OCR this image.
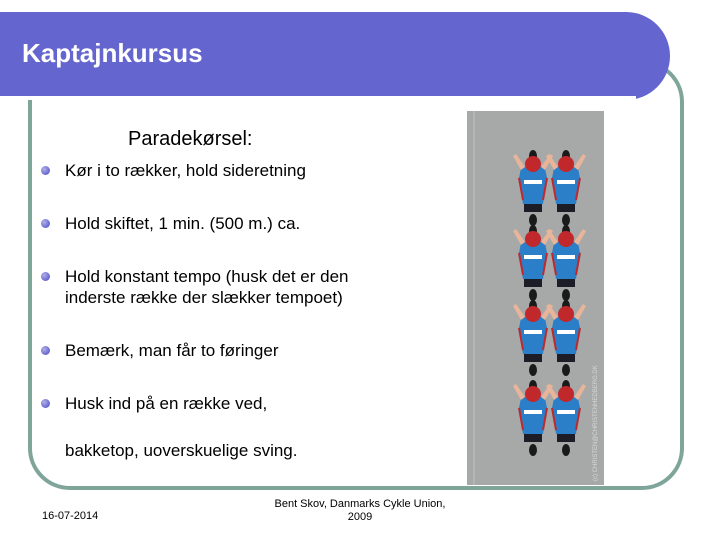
Kaptajnkursus
Paradekørsel:
Kør i to rækker, hold sideretning
Hold skiftet, 1 min. (500 m.) ca.
Hold konstant tempo (husk det er den inderste række der slækker tempoet)
Bemærk, man får to føringer
Husk ind på en række ved,
bakketop, uoverskuelige sving.	(c) CHRISTEN@CHRISTENHEDBERG.DK
16-07-2014
Bent Skov, Danmarks Cykle Union,
2009
